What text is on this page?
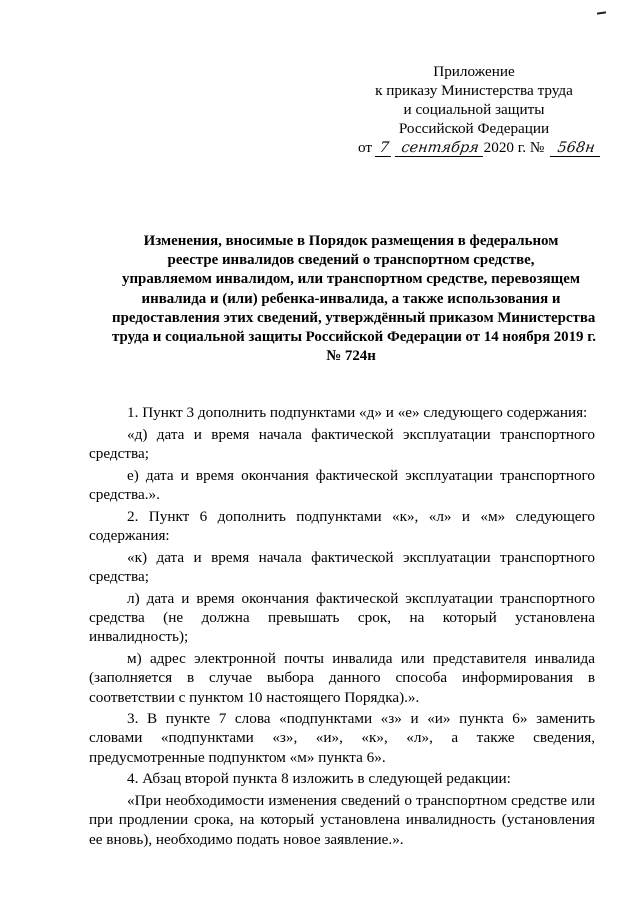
Приложение
к приказу Министерства труда
и социальной защиты
Российской Федерации
от 7 сентября 2020 г. № 568н
Изменения, вносимые в Порядок размещения в федеральном
реестре инвалидов сведений о транспортном средстве,
управляемом инвалидом, или транспортном средстве, перевозящем
инвалида и (или) ребенка-инвалида, а также использования и
предоставления этих сведений, утверждённый приказом Министерства
труда и социальной защиты Российской Федерации от 14 ноября 2019 г.
№ 724н

1. Пункт 3 дополнить подпунктами «д» и «е» следующего содержания:

«д) дата и время начала фактической эксплуатации транспортного средства;

е) дата и время окончания фактической эксплуатации транспортного средства.».

2. Пункт 6 дополнить подпунктами «к», «л» и «м» следующего содержания:

«к) дата и время начала фактической эксплуатации транспортного средства;

л) дата и время окончания фактической эксплуатации транспортного средства (не должна превышать срок, на который установлена инвалидность);

м) адрес электронной почты инвалида или представителя инвалида (заполняется в случае выбора данного способа информирования в соответствии с пунктом 10 настоящего Порядка).».

3. В пункте 7 слова «подпунктами «з» и «и» пункта 6» заменить словами «подпунктами «з», «и», «к», «л», а также сведения, предусмотренные подпунктом «м» пункта 6».

4. Абзац второй пункта 8 изложить в следующей редакции:

«При необходимости изменения сведений о транспортном средстве или при продлении срока, на который установлена инвалидность (установления ее вновь), необходимо подать новое заявление.».
